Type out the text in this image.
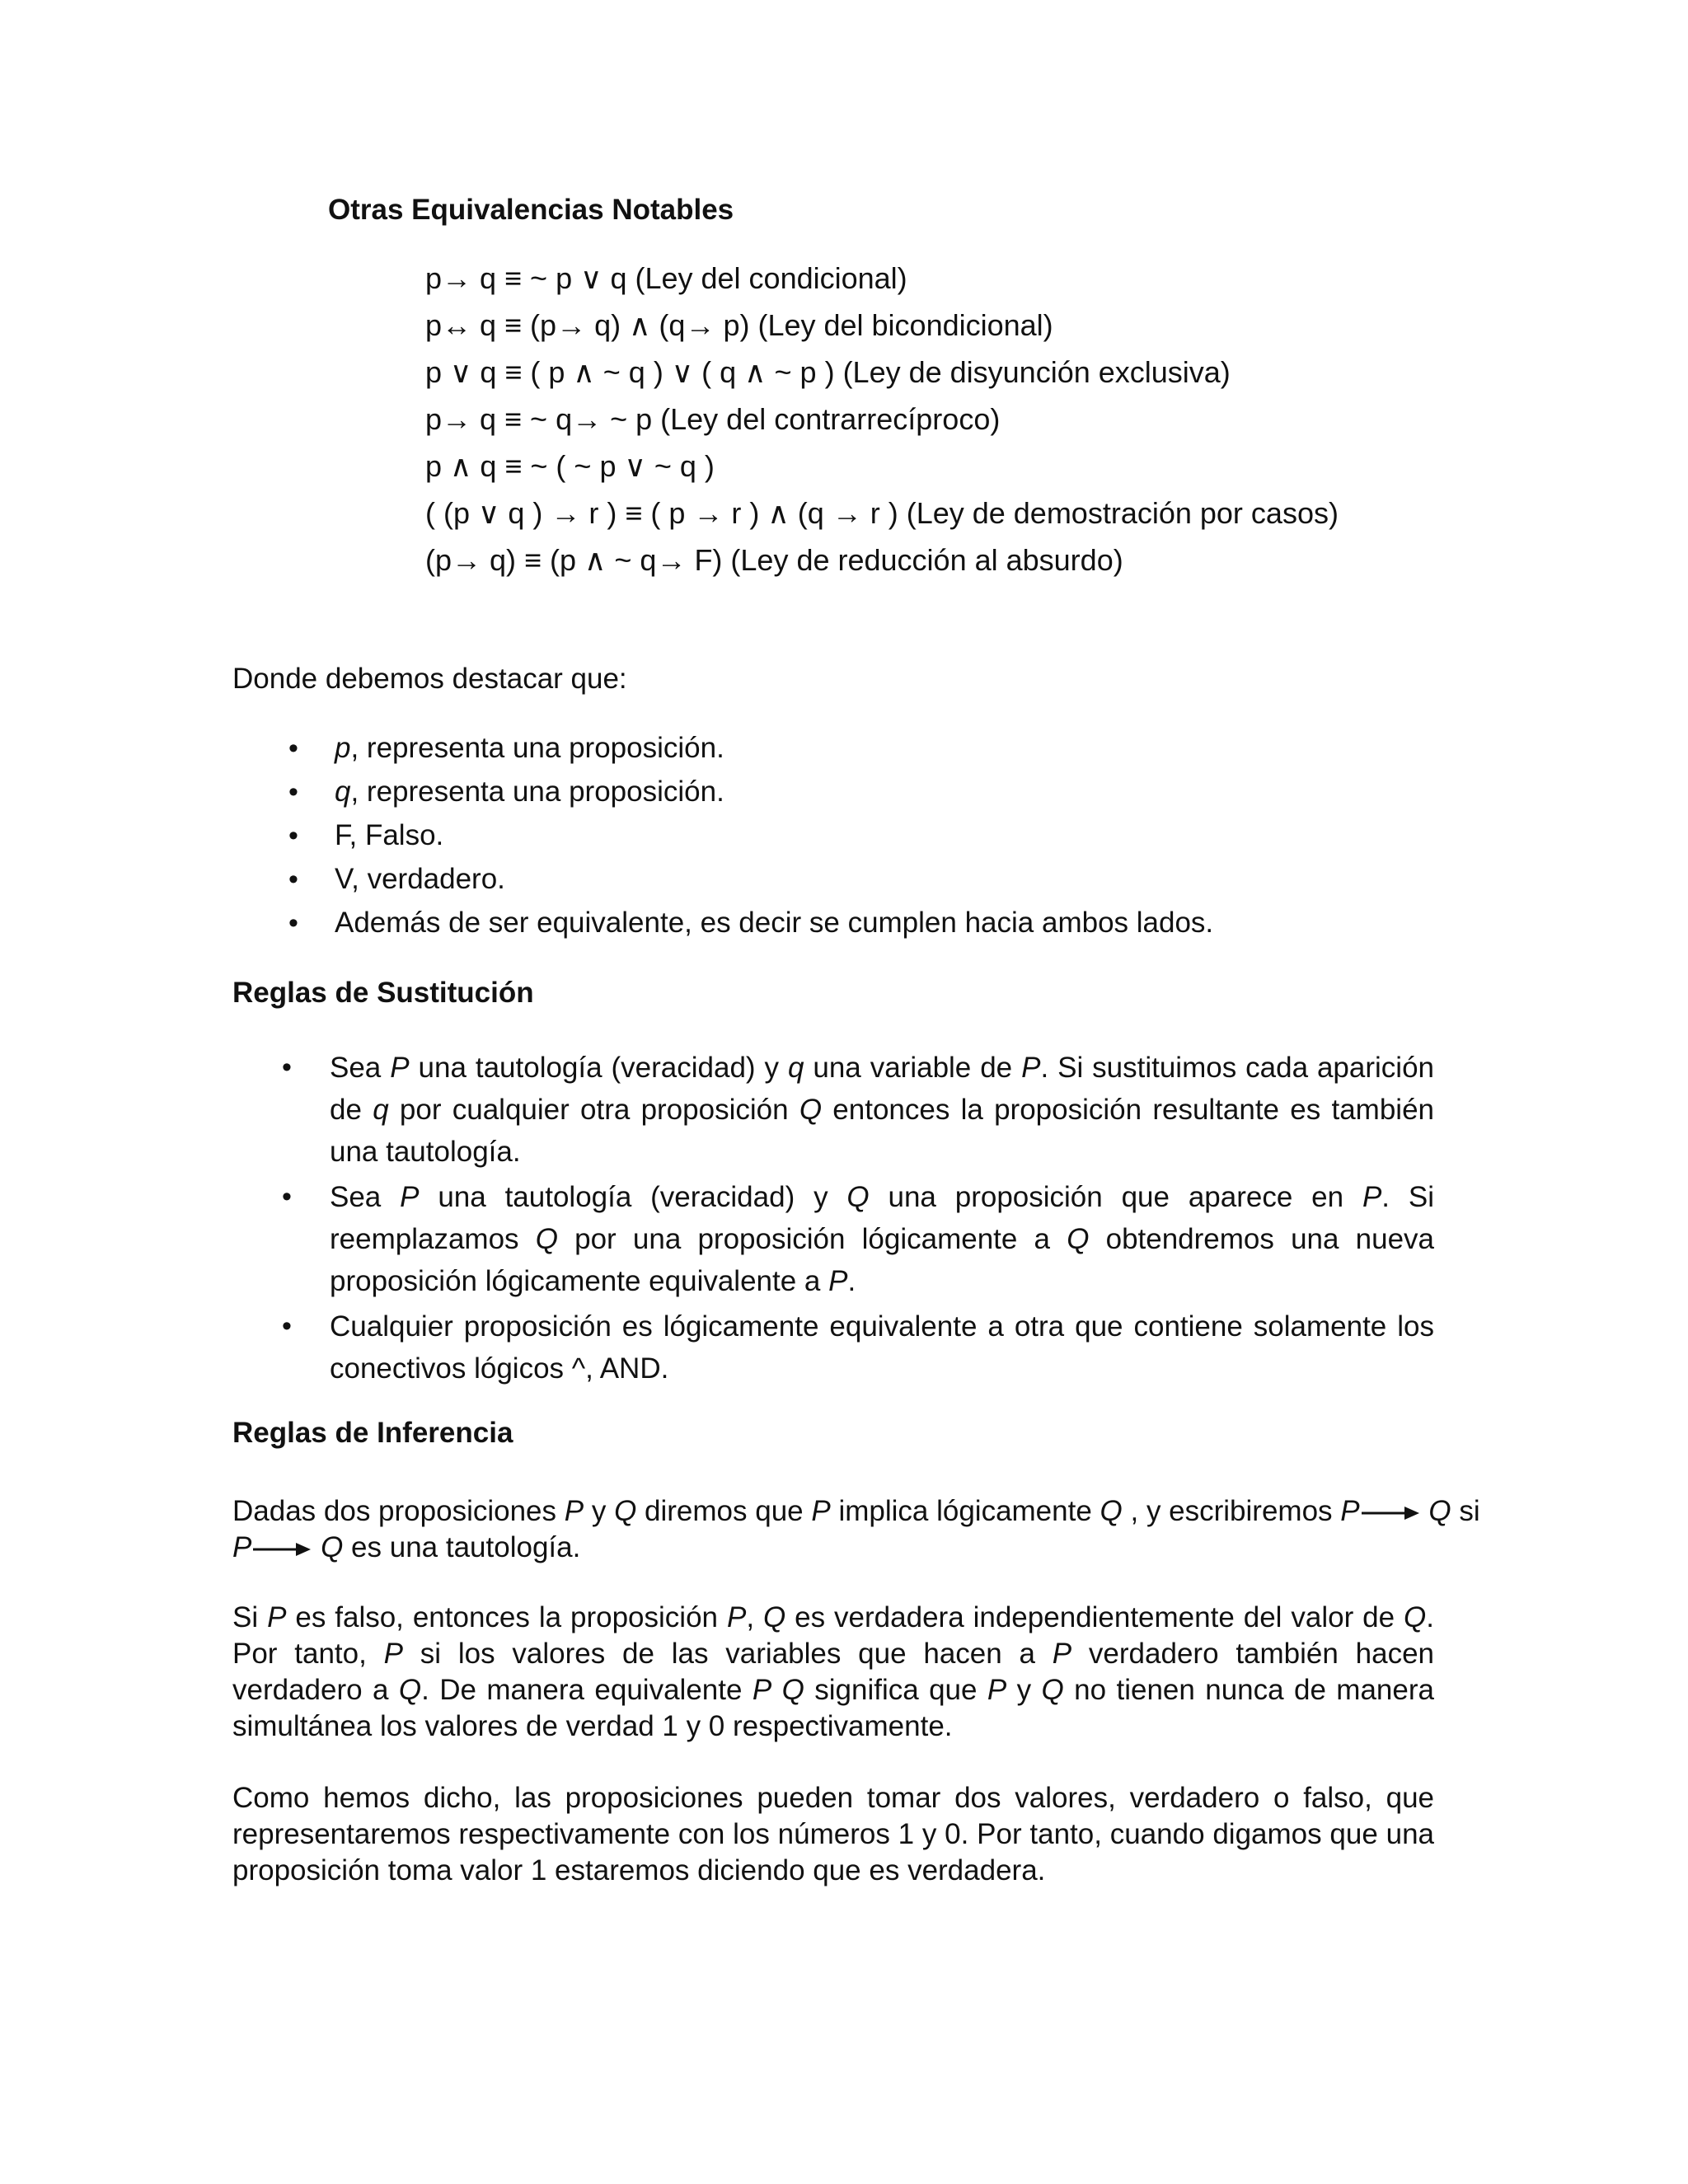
Otras Equivalencias Notables
p→ q ≡ ~ p ∨ q (Ley del condicional)
p↔ q ≡ (p→ q) ∧ (q→ p) (Ley del bicondicional)
p ∨ q ≡ ( p ∧ ~ q ) ∨ ( q ∧ ~ p ) (Ley de disyunción exclusiva)
p→ q ≡ ~ q→ ~ p (Ley del contrarrecíproco)
p ∧ q ≡ ~ ( ~ p ∨ ~ q )
( (p ∨ q ) → r ) ≡ ( p → r ) ∧ (q → r ) (Ley de demostración por casos)
(p→ q) ≡ (p ∧ ~ q→ F) (Ley de reducción al absurdo)
Donde debemos destacar que:
• p, representa una proposición.
• q, representa una proposición.
• F, Falso.
• V, verdadero.
• Además de ser equivalente, es decir se cumplen hacia ambos lados.
Reglas de Sustitución
• Sea P una tautología (veracidad) y q una variable de P. Si sustituimos cada aparición de q por cualquier otra proposición Q entonces la proposición resultante es también una tautología.
• Sea P una tautología (veracidad) y Q una proposición que aparece en P. Si reemplazamos Q por una proposición lógicamente a Q obtendremos una nueva proposición lógicamente equivalente a P.
• Cualquier proposición es lógicamente equivalente a otra que contiene solamente los conectivos lógicos ^, AND.
Reglas de Inferencia
Dadas dos proposiciones P y Q diremos que P implica lógicamente Q , y escribiremos P	Q si
P Q es una tautología.
Si P es falso, entonces la proposición P, Q es verdadera independientemente del valor de Q. Por tanto, P si los valores de las variables que hacen a P verdadero también hacen verdadero a Q. De manera equivalente P Q significa que P y Q no tienen nunca de manera simultánea los valores de verdad 1 y 0 respectivamente.
Como hemos dicho, las proposiciones pueden tomar dos valores, verdadero o falso, que representaremos respectivamente con los números 1 y 0. Por tanto, cuando digamos que una proposición toma valor 1 estaremos diciendo que es verdadera.
